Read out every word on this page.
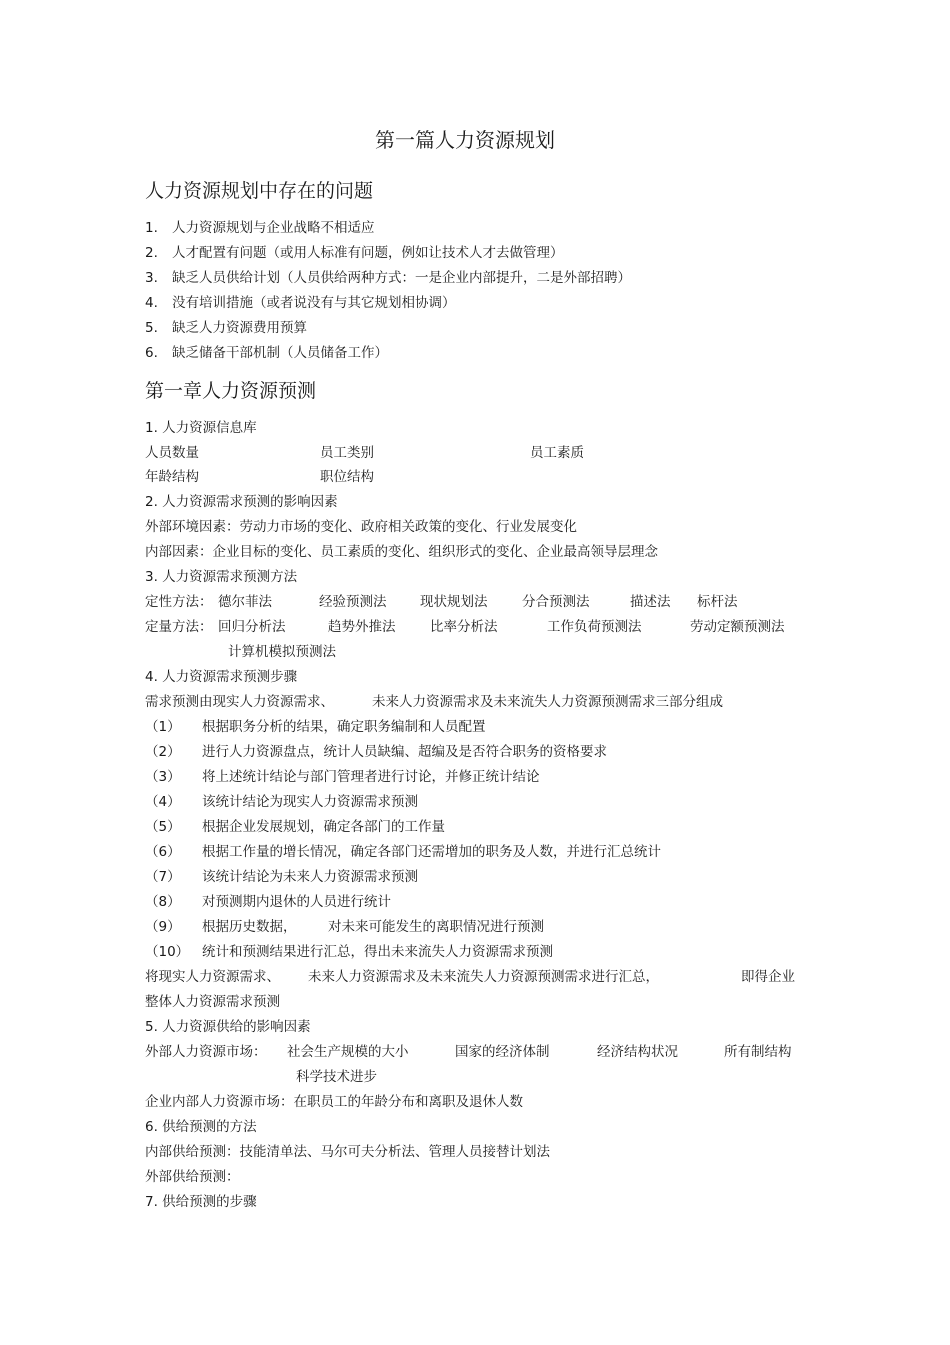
第一篇人力资源规划
人力资源规划中存在的问题
1. 人力资源规划与企业战略不相适应
2. 人才配置有问题（或用人标准有问题，例如让技术人才去做管理）
3. 缺乏人员供给计划（人员供给两种方式：一是企业内部提升，二是外部招聘）
4. 没有培训措施（或者说没有与其它规划相协调）
5. 缺乏人力资源费用预算
6. 缺乏储备干部机制（人员储备工作）
第一章人力资源预测
1. 人力资源信息库
人员数量	员工类别	员工素质
年龄结构	职位结构
2. 人力资源需求预测的影响因素
外部环境因素：劳动力市场的变化、政府相关政策的变化、行业发展变化
内部因素：企业目标的变化、员工素质的变化、组织形式的变化、企业最高领导层理念
3. 人力资源需求预测方法
定性方法： 德尔菲法	经验预测法 现状规划法	分合预测法	描述法 标杆法
定量方法： 回归分析法	趋势外推法	比率分析法	工作负荷预测法	劳动定额预测法
计算机模拟预测法
4. 人力资源需求预测步骤
需求预测由现实人力资源需求、	未来人力资源需求及未来流失人力资源预测需求三部分组成
（1） 根据职务分析的结果，确定职务编制和人员配置
（2） 进行人力资源盘点，统计人员缺编、超编及是否符合职务的资格要求
（3） 将上述统计结论与部门管理者进行讨论，并修正统计结论
（4） 该统计结论为现实人力资源需求预测
（5） 根据企业发展规划，确定各部门的工作量
（6） 根据工作量的增长情况，确定各部门还需增加的职务及人数，并进行汇总统计
（7） 该统计结论为未来人力资源需求预测
（8） 对预测期内退休的人员进行统计
（9） 根据历史数据， 对未来可能发生的离职情况进行预测
（10） 统计和预测结果进行汇总，得出未来流失人力资源需求预测
将现实人力资源需求、 未来人力资源需求及未来流失人力资源预测需求进行汇总，	即得企业
整体人力资源需求预测
5. 人力资源供给的影响因素
外部人力资源市场： 社会生产规模的大小	国家的经济体制	经济结构状况	所有制结构
科学技术进步
企业内部人力资源市场：在职员工的年龄分布和离职及退休人数
6. 供给预测的方法
内部供给预测：技能清单法、马尔可夫分析法、管理人员接替计划法
外部供给预测：
7. 供给预测的步骤
